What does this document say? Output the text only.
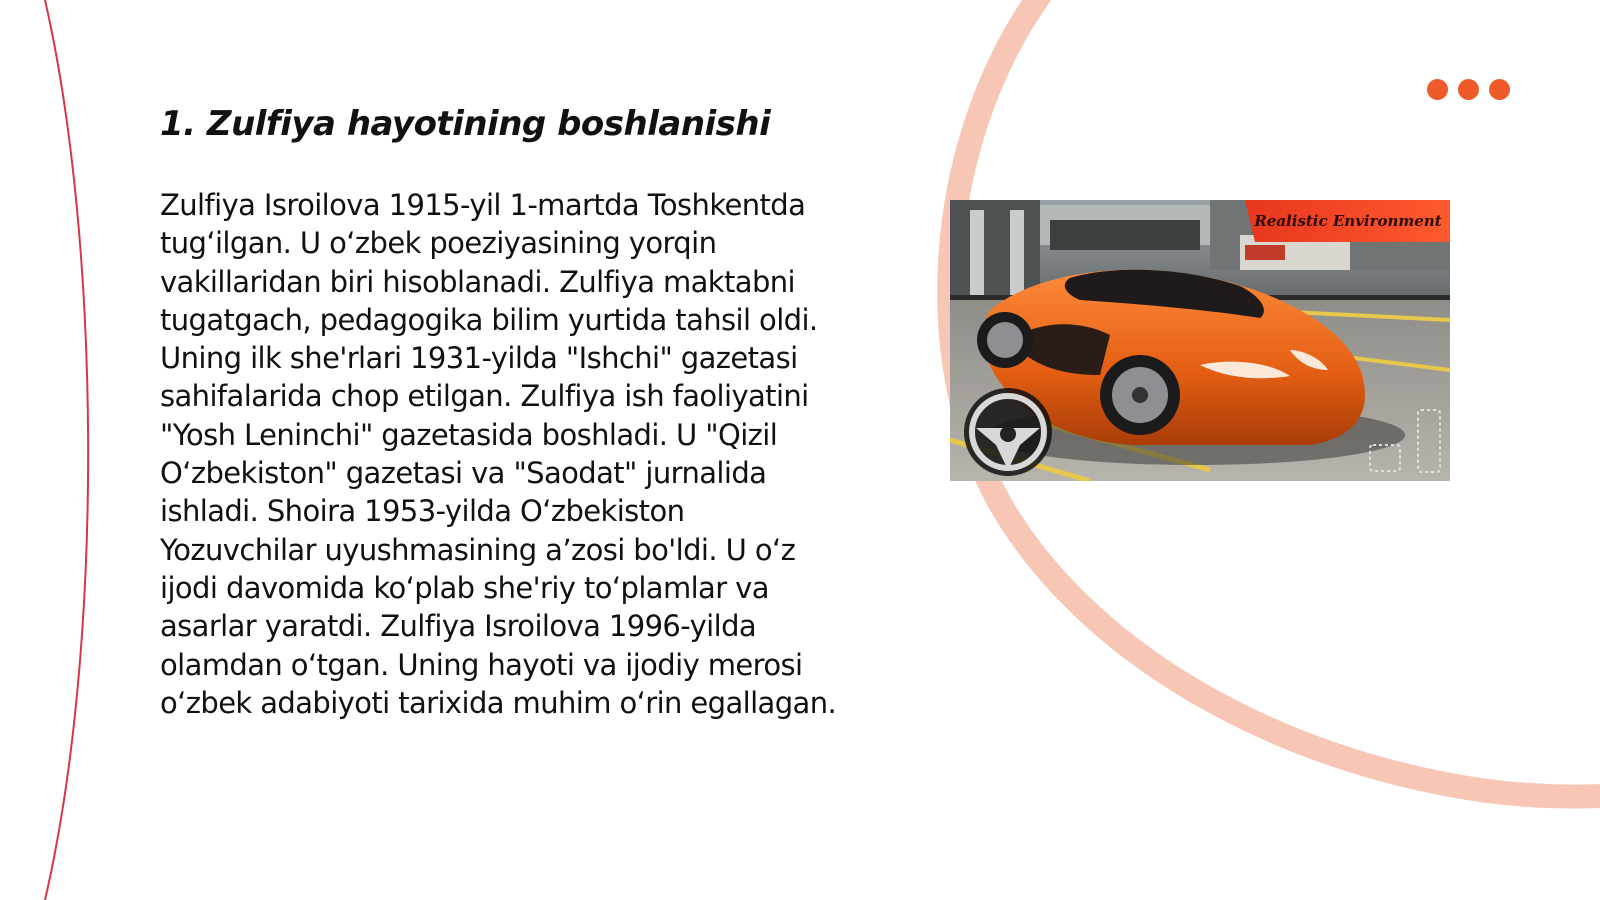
1. Zulfiya hayotining boshlanishi

Zulfiya Isroilova 1915-yil 1-martda Toshkentda tug‘ilgan. U o‘zbek poeziyasining yorqin vakillaridan biri hisoblanadi. Zulfiya maktabni tugatgach, pedagogika bilim yurtida tahsil oldi. Uning ilk she'rlari 1931-yilda "Ishchi" gazetasi sahifalarida chop etilgan. Zulfiya ish faoliyatini "Yosh Leninchi" gazetasida boshladi. U "Qizil O‘zbekiston" gazetasi va "Saodat" jurnalida ishladi. Shoira 1953-yilda O‘zbekiston Yozuvchilar uyushmasining a’zosi bo'ldi. U o‘z ijodi davomida ko‘plab she'riy to‘plamlar va asarlar yaratdi. Zulfiya Isroilova 1996-yilda olamdan o‘tgan. Uning hayoti va ijodiy merosi o‘zbek adabiyoti tarixida muhim o‘rin egallagan.

Realistic Environment
